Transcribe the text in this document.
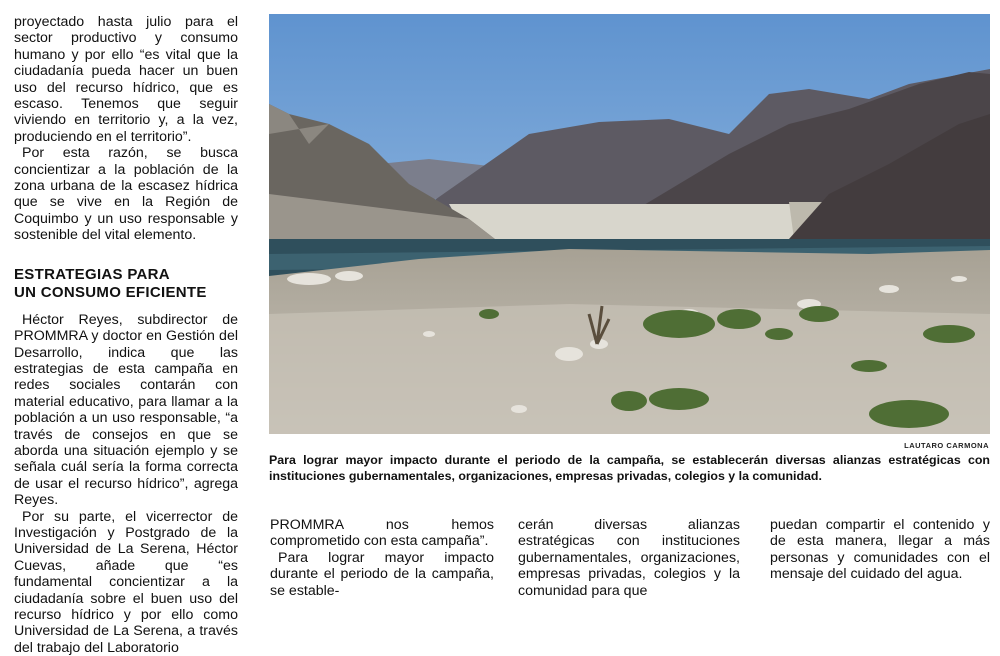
proyectado hasta julio para el sector productivo y consumo humano y por ello “es vital que la ciudadanía pueda hacer un buen uso del recurso hídrico, que es escaso. Tenemos que seguir viviendo en territorio y, a la vez, produciendo en el territorio”.

Por esta razón, se busca concientizar a la población de la zona urbana de la escasez hídrica que se vive en la Región de Coquimbo y un uso responsable y sostenible del vital elemento.

ESTRATEGIAS PARA
UN CONSUMO EFICIENTE

Héctor Reyes, subdirector de PROMMRA y doctor en Gestión del Desarrollo, indica que las estrategias de esta campaña en redes sociales contarán con material educativo, para llamar a la población a un uso responsable, “a través de consejos en que se aborda una situación ejemplo y se señala cuál sería la forma correcta de usar el recurso hídrico”, agrega Reyes.

Por su parte, el vicerrector de Investigación y Postgrado de la Universidad de La Serena, Héctor Cuevas, añade que “es fundamental concientizar a la ciudadanía sobre el buen uso del recurso hídrico y por ello como Universidad de La Serena, a través del trabajo del Laboratorio

LAUTARO CARMONA
Para lograr mayor impacto durante el periodo de la campaña, se establecerán diversas alianzas estratégicas con instituciones gubernamentales, organizaciones, empresas privadas, colegios y la comunidad.

PROMMRA nos hemos comprometido con esta campaña”.

Para lograr mayor impacto durante el periodo de la campaña, se estable-

cerán diversas alianzas estratégicas con instituciones gubernamentales, organizaciones, empresas privadas, colegios y la comunidad para que

puedan compartir el contenido y de esta manera, llegar a más personas y comunidades con el mensaje del cuidado del agua.
